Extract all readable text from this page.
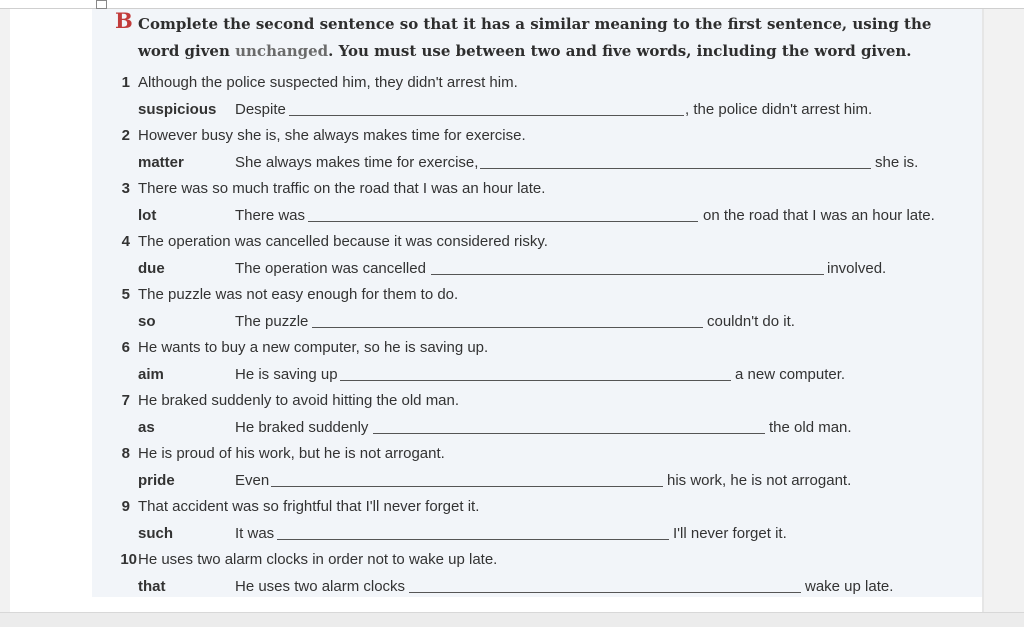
B Complete the second sentence so that it has a similar meaning to the first sentence, using the word given unchanged. You must use between two and five words, including the word given.
1 Although the police suspected him, they didn't arrest him.
suspicious Despite	, the police didn't arrest him.
2 However busy she is, she always makes time for exercise.
matter	She always makes time for exercise,	she is.
3 There was so much traffic on the road that I was an hour late.
lot	There was	on the road that I was an hour late.
4 The operation was cancelled because it was considered risky.
due	The operation was cancelled	involved.
5 The puzzle was not easy enough for them to do.
so	The puzzle	couldn't do it.
6 He wants to buy a new computer, so he is saving up.
aim	He is saving up	a new computer.
7 He braked suddenly to avoid hitting the old man.
as	He braked suddenly	the old man.
8 He is proud of his work, but he is not arrogant.
pride	Even	his work, he is not arrogant.
9 That accident was so frightful that I'll never forget it.
such	It was	I'll never forget it.
10 He uses two alarm clocks in order not to wake up late.
that	He uses two alarm clocks	wake up late.
